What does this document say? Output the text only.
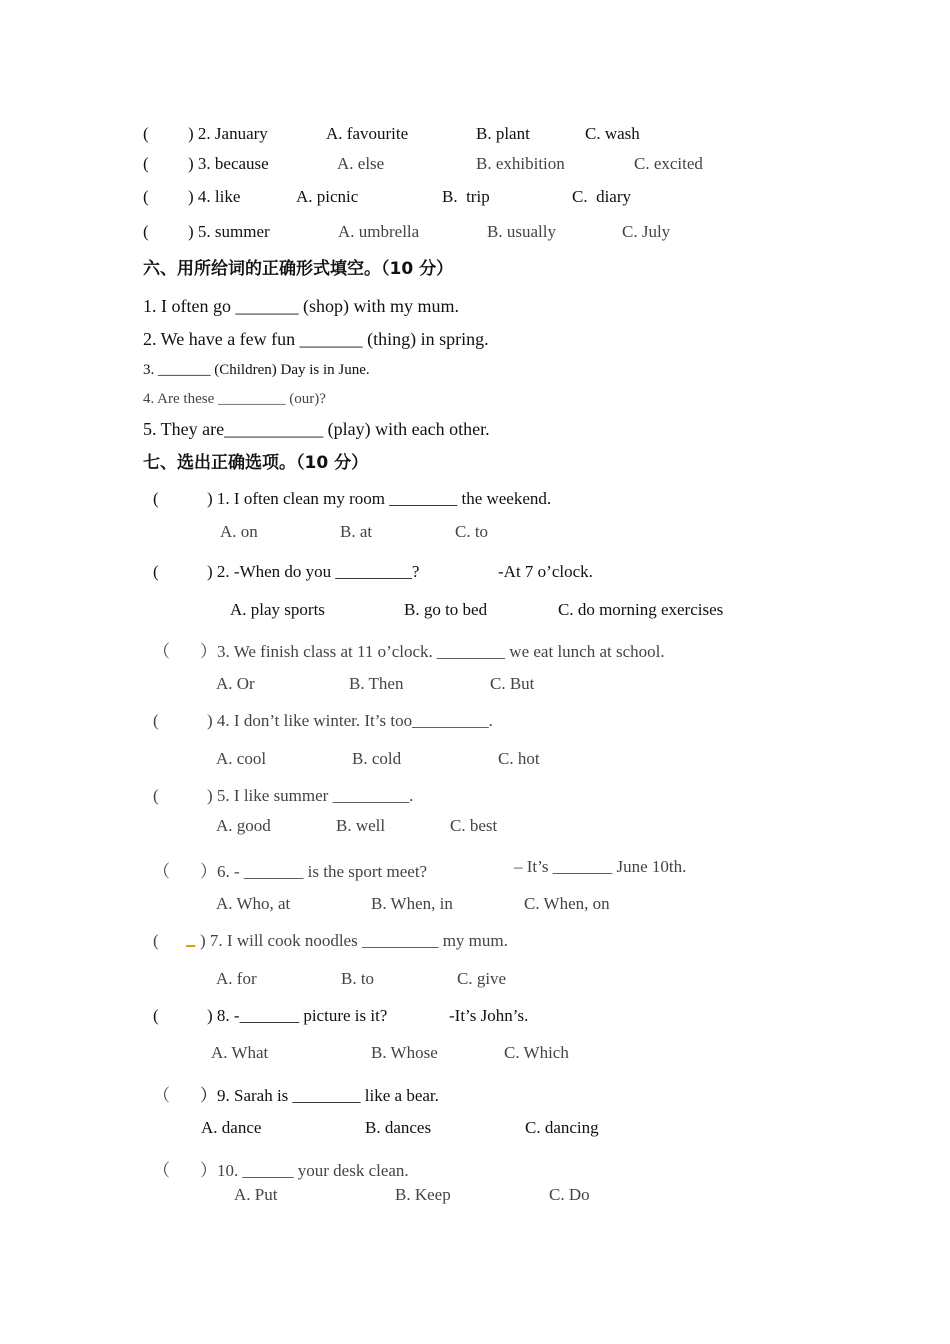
( ) 2. January	A. favourite	B. plant	C. wash
( ) 3. because	A. else	B. exhibition	C. excited
( ) 4. like	A. picnic	B.  trip	C.  diary
( ) 5. summer	A. umbrella	B. usually	C. July
六、用所给词的正确形式填空。（10 分）
1. I often go _______ (shop) with my mum.
2. We have a few fun _______ (thing) in spring.
3. _______ (Children) Day is in June.
4. Are these _________ (our)?
5. They are___________ (play) with each other.
七、选出正确选项。（10 分）
(	) 1. I often clean my room ________ the weekend.
A. on	B. at	C. to
(	) 2. -When do you _________?	-At 7 o’clock.
A. play sports	B. go to bed	C. do morning exercises
（ ）3. We finish class at 11 o’clock. ________ we eat lunch at school.
A. Or	B. Then	C. But
(	) 4. I don’t like winter. It’s too_________.
A. cool	B. cold	C. hot
(	) 5. I like summer _________.
A. good	B. well	C. best
（ ）6. - _______ is the sport meet?	– It’s _______ June 10th.
A. Who, at	B. When, in	C. When, on
( ▁ ) 7. I will cook noodles _________ my mum.
A. for	B. to	C. give
(	) 8. -_______ picture is it?	-It’s John’s.
A. What	B. Whose	C. Which
（ ）9. Sarah is ________ like a bear.
A. dance	B. dances	C. dancing
（ ）10. ______ your desk clean.
A. Put	B. Keep	C. Do
